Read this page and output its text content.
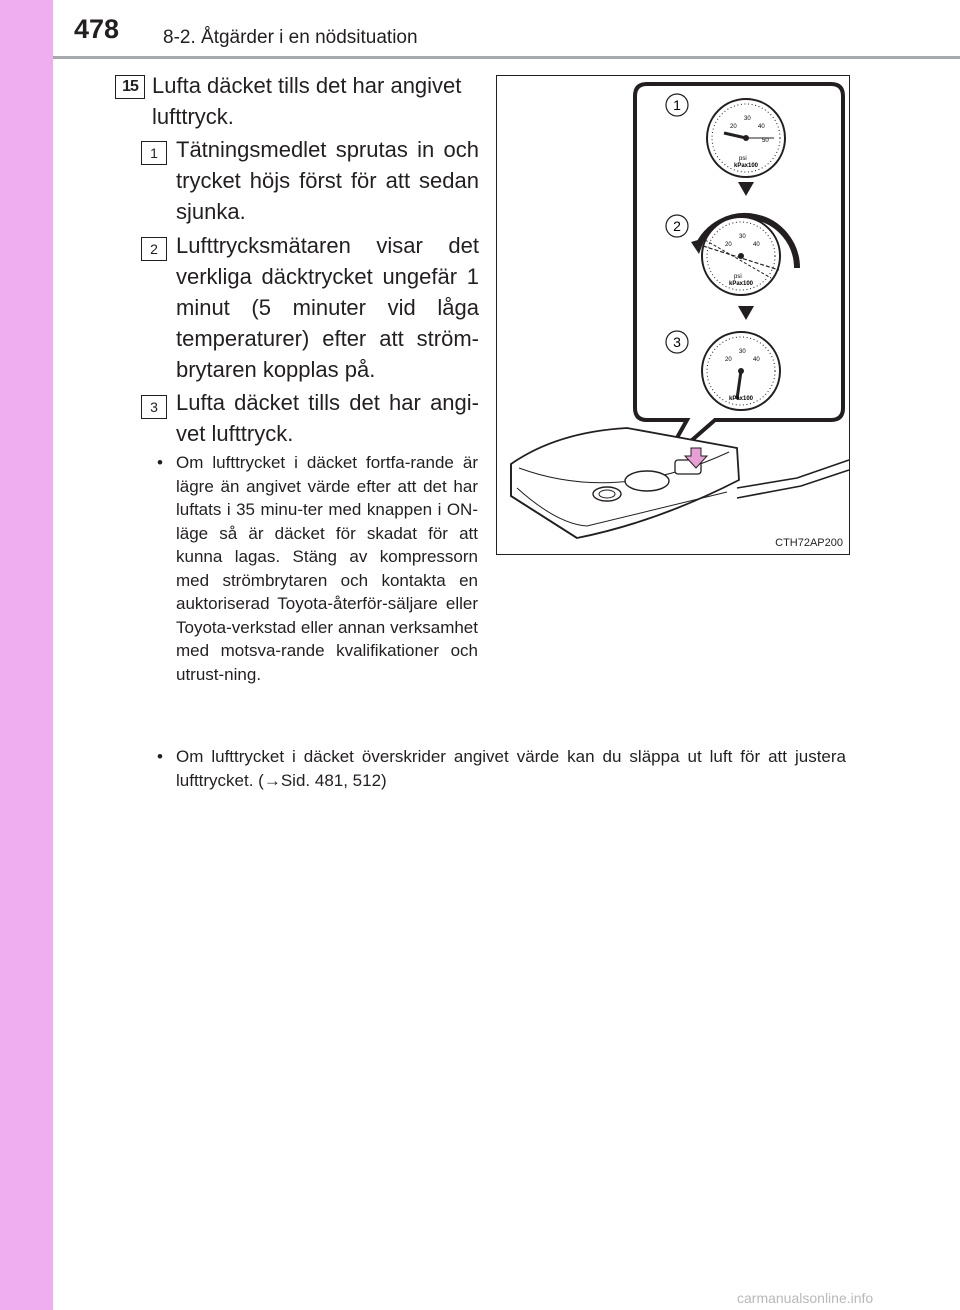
478 8-2. Åtgärder i en nödsituation
15 Lufta däcket tills det har angivet lufttryck.
1 Tätningsmedlet sprutas in och trycket höjs först för att sedan sjunka.
2 Lufttrycksmätaren visar det verkliga däcktrycket ungefär 1 minut (5 minuter vid låga temperaturer) efter att ström-brytaren kopplas på.
3 Lufta däcket tills det har angi-vet lufttryck.
• Om lufttrycket i däcket fortfa-rande är lägre än angivet värde efter att det har luftats i 35 minu-ter med knappen i ON-läge så är däcket för skadat för att kunna lagas. Stäng av kompressorn med strömbrytaren och kontakta en auktoriserad Toyota-återför-säljare eller Toyota-verkstad eller annan verksamhet med motsva-rande kvalifikationer och utrust-ning.
• Om lufttrycket i däcket överskrider angivet värde kan du släppa ut luft för att justera lufttrycket. (→Sid. 481, 512)
30
20	40
50
psi
kPax100
30
20	40
psi
kPax100
30
20	40
kPax100
1
2
3
CTH72AP200
carmanualsonline.info
